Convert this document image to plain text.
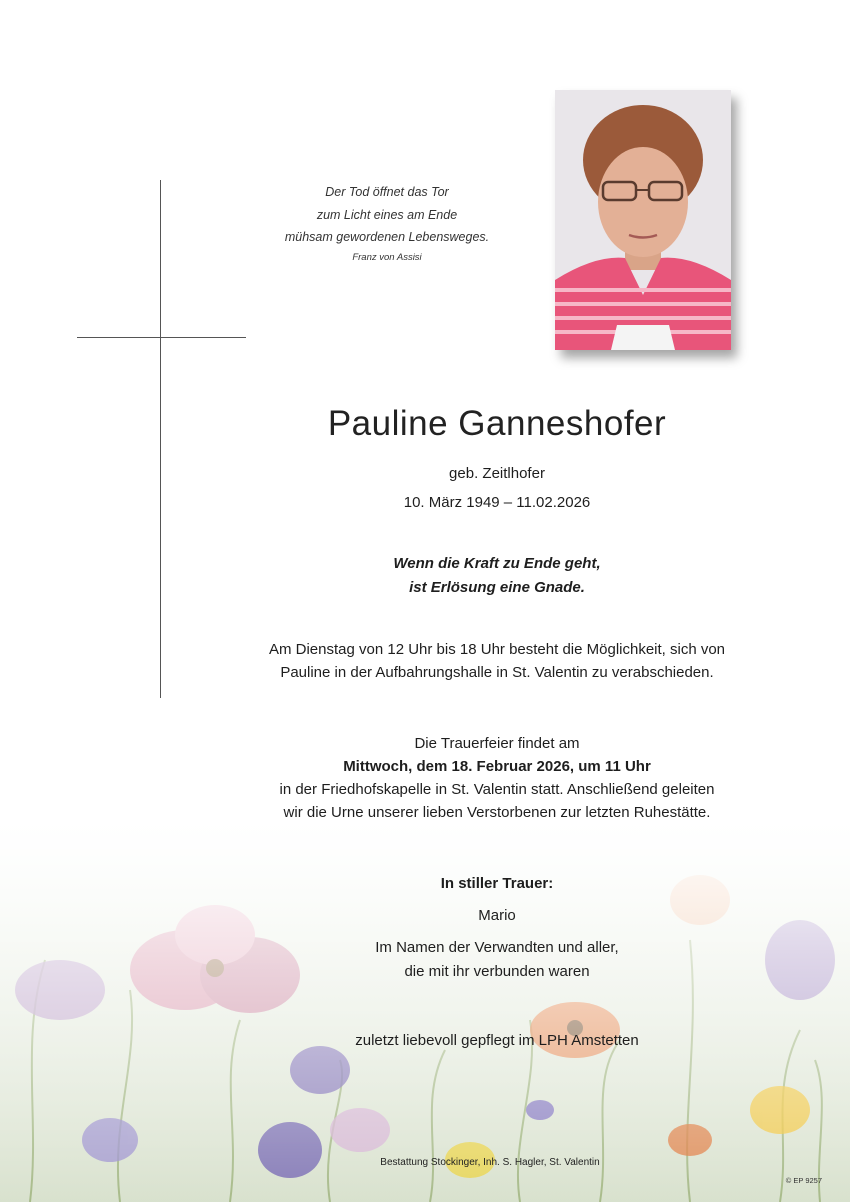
Der Tod öffnet das Tor
zum Licht eines am Ende
mühsam gewordenen Lebensweges.
Franz von Assisi
Pauline Ganneshofer
geb. Zeitlhofer
10. März 1949 – 11.02.2026
Wenn die Kraft zu Ende geht,
ist Erlösung eine Gnade.
Am Dienstag von 12 Uhr bis 18 Uhr besteht die Möglichkeit, sich von
Pauline in der Aufbahrungshalle in St. Valentin zu verabschieden.
Die Trauerfeier findet am
Mittwoch, dem 18. Februar 2026, um 11 Uhr
in der Friedhofskapelle in St. Valentin statt. Anschließend geleiten
wir die Urne unserer lieben Verstorbenen zur letzten Ruhestätte.
In stiller Trauer:
Mario
Im Namen der Verwandten und aller,
die mit ihr verbunden waren
zuletzt liebevoll gepflegt im LPH Amstetten
Bestattung Stockinger, Inh. S. Hagler, St. Valentin
© EP 9257
